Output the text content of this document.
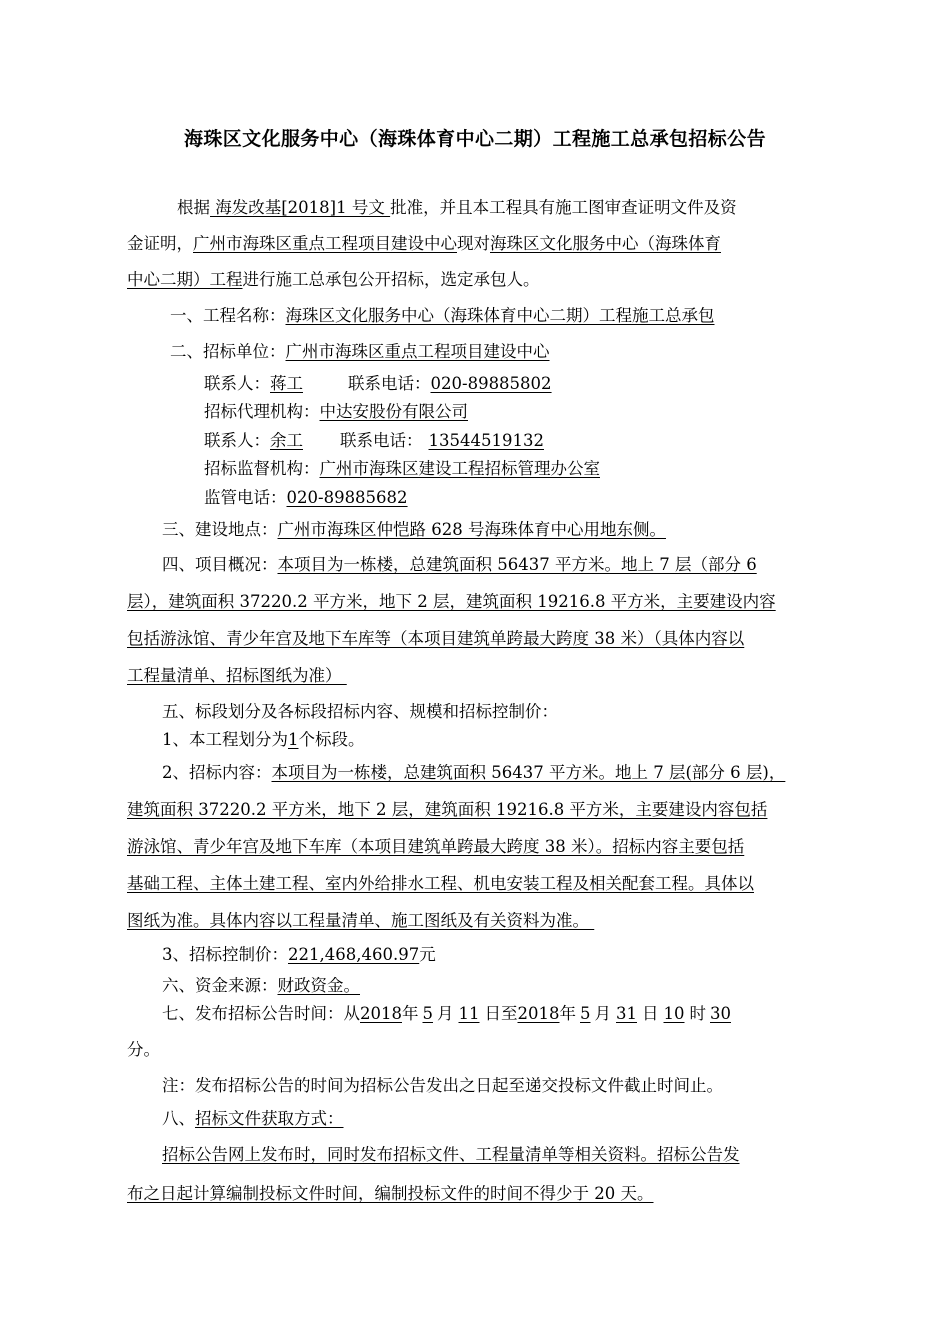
海珠区文化服务中心（海珠体育中心二期）工程施工总承包招标公告
根据 海发改基[2018]1 号文 批准，并且本工程具有施工图审查证明文件及资
金证明，广州市海珠区重点工程项目建设中心现对海珠区文化服务中心（海珠体育
中心二期）工程进行施工总承包公开招标，选定承包人。
一、工程名称：海珠区文化服务中心（海珠体育中心二期）工程施工总承包
二、招标单位：广州市海珠区重点工程项目建设中心
联系人：蒋工	联系电话：020-89885802
招标代理机构：中达安股份有限公司
联系人：余工 联系电话： 13544519132
招标监督机构：广州市海珠区建设工程招标管理办公室
监管电话：020-89885682
三、建设地点：广州市海珠区仲恺路 628 号海珠体育中心用地东侧。
四、项目概况：本项目为一栋楼，总建筑面积 56437 平方米。地上 7 层（部分 6
层），建筑面积 37220.2 平方米，地下 2 层，建筑面积 19216.8 平方米，主要建设内容
包括游泳馆、青少年宫及地下车库等（本项目建筑单跨最大跨度 38 米）（具体内容以
工程量清单、招标图纸为准）
五、标段划分及各标段招标内容、规模和招标控制价：
1、本工程划分为1个标段。
2、招标内容：本项目为一栋楼，总建筑面积 56437 平方米。地上 7 层(部分 6 层)，
建筑面积 37220.2 平方米，地下 2 层，建筑面积 19216.8 平方米，主要建设内容包括
游泳馆、青少年宫及地下车库（本项目建筑单跨最大跨度 38 米）。招标内容主要包括
基础工程、主体土建工程、室内外给排水工程、机电安装工程及相关配套工程。具体以
图纸为准。具体内容以工程量清单、施工图纸及有关资料为准。
3、招标控制价：221,468,460.97元
六、资金来源：财政资金。
七、发布招标公告时间：从2018年 5 月 11 日至2018年 5 月 31 日 10 时 30
分。
注：发布招标公告的时间为招标公告发出之日起至递交投标文件截止时间止。
八、招标文件获取方式：
招标公告网上发布时，同时发布招标文件、工程量清单等相关资料。招标公告发
布之日起计算编制投标文件时间，编制投标文件的时间不得少于 20 天。
